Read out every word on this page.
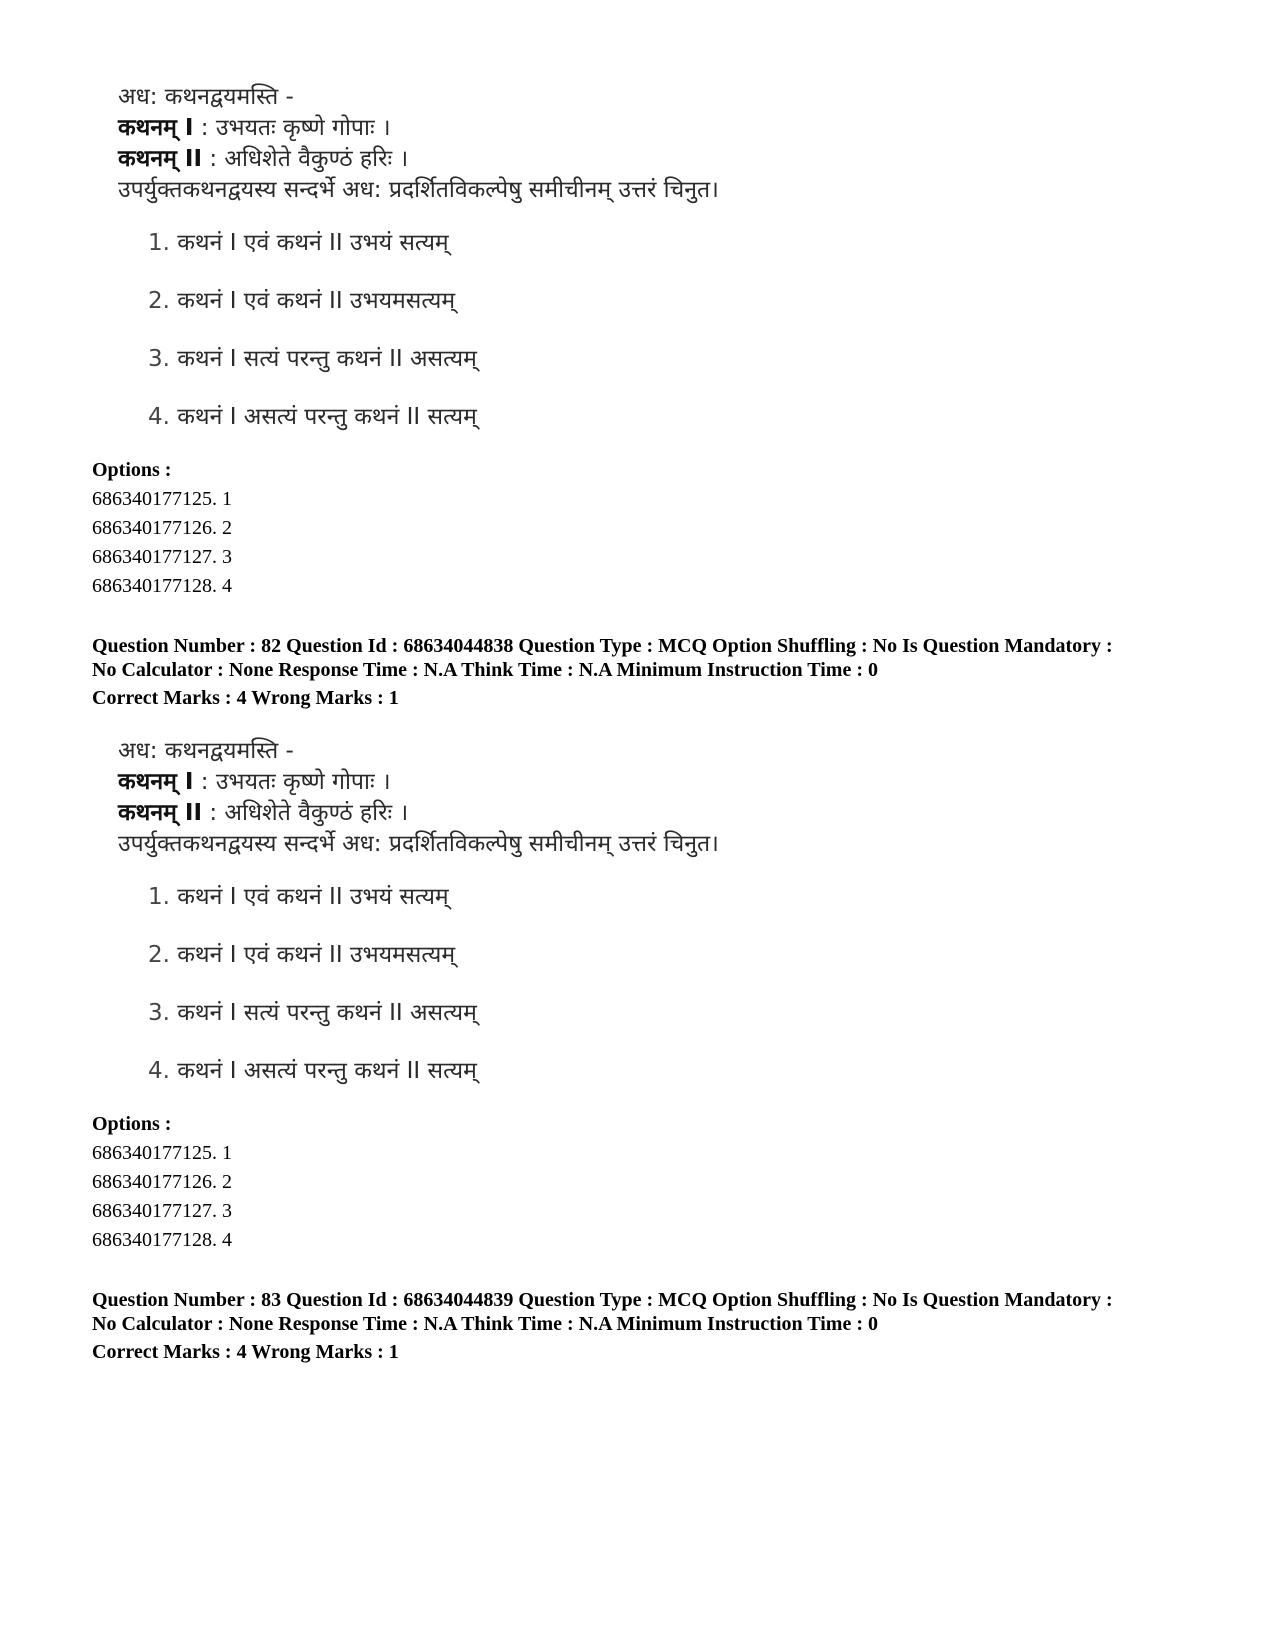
अध: कथनद्वयमस्ति -
कथनम् I : उभयतः कृष्णे गोपाः ।
कथनम् II : अधिशेते वैकुण्ठं हरिः ।
उपर्युक्तकथनद्वयस्य सन्दर्भे अध: प्रदर्शितविकल्पेषु समीचीनम् उत्तरं चिनुत।
1. कथनं I एवं कथनं II उभयं सत्यम्
2. कथनं I एवं कथनं II उभयमसत्यम्
3. कथनं I सत्यं परन्तु कथनं II असत्यम्
4. कथनं I असत्यं परन्तु कथनं II सत्यम्
Options :
686340177125. 1
686340177126. 2
686340177127. 3
686340177128. 4
Question Number : 82 Question Id : 68634044838 Question Type : MCQ Option Shuffling : No Is Question Mandatory :
No Calculator : None Response Time : N.A Think Time : N.A Minimum Instruction Time : 0
Correct Marks : 4 Wrong Marks : 1
अध: कथनद्वयमस्ति -
कथनम् I : उभयतः कृष्णे गोपाः ।
कथनम् II : अधिशेते वैकुण्ठं हरिः ।
उपर्युक्तकथनद्वयस्य सन्दर्भे अध: प्रदर्शितविकल्पेषु समीचीनम् उत्तरं चिनुत।
1. कथनं I एवं कथनं II उभयं सत्यम्
2. कथनं I एवं कथनं II उभयमसत्यम्
3. कथनं I सत्यं परन्तु कथनं II असत्यम्
4. कथनं I असत्यं परन्तु कथनं II सत्यम्
Options :
686340177125. 1
686340177126. 2
686340177127. 3
686340177128. 4
Question Number : 83 Question Id : 68634044839 Question Type : MCQ Option Shuffling : No Is Question Mandatory :
No Calculator : None Response Time : N.A Think Time : N.A Minimum Instruction Time : 0
Correct Marks : 4 Wrong Marks : 1
